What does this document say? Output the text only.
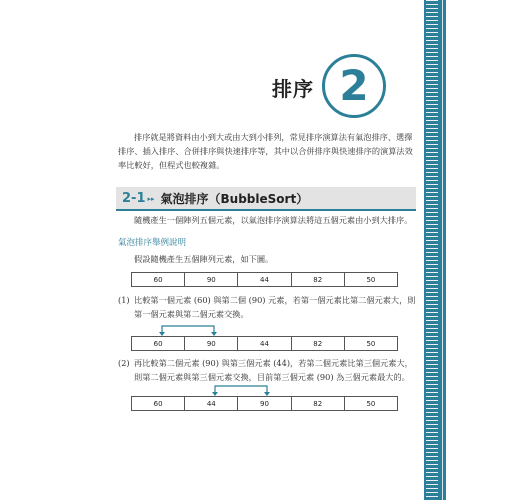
排序 2
排序就是將資料由小到大或由大到小排列，常見排序演算法有氣泡排序、選擇排序、插入排序、合併排序與快速排序等，其中以合併排序與快速排序的演算法效率比較好，但程式也較複雜。
2-1 ▸▸ 氣泡排序（BubbleSort）
隨機產生一個陣列五個元素，以氣泡排序演算法將這五個元素由小到大排序。
氣泡排序舉例說明
假設隨機產生五個陣列元素，如下圖。
60	90	44	82	50
(1) 比較第一個元素 (60) 與第二個 (90) 元素，若第一個元素比第二個元素大，則第一個元素與第二個元素交換。
60	90	44	82	50
(2) 再比較第二個元素 (90) 與第三個元素 (44)，若第二個元素比第三個元素大，則第二個元素與第三個元素交換，目前第三個元素 (90) 為三個元素最大的。
60	44	90	82	50
